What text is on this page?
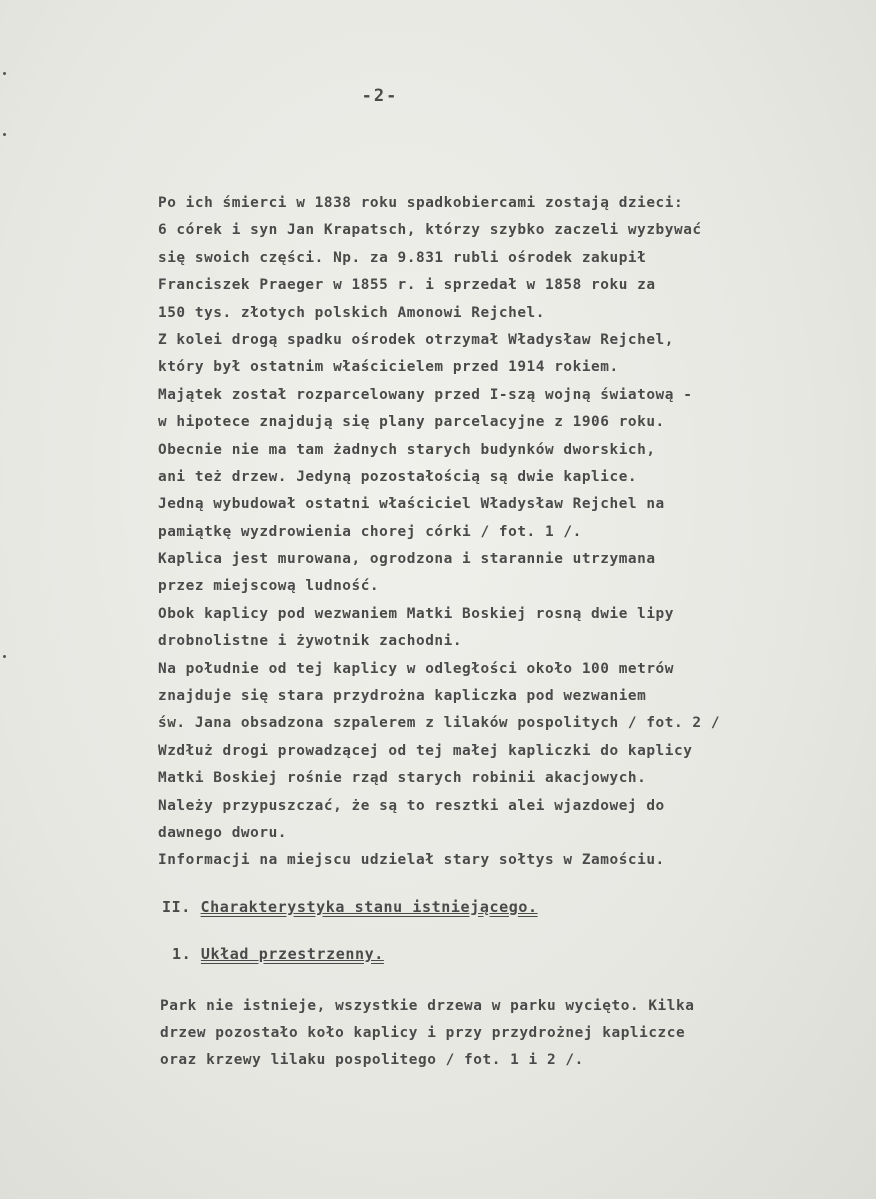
-2-
Po ich śmierci w 1838 roku spadkobiercami zostają dzieci:
6 córek i syn Jan Krapatsch, którzy szybko zaczeli wyzbywać
się swoich części. Np. za 9.831 rubli ośrodek zakupił
Franciszek Praeger w 1855 r. i sprzedał w 1858 roku za
150 tys. złotych polskich Amonowi Rejchel.
Z kolei drogą spadku ośrodek otrzymał Władysław Rejchel,
który był ostatnim właścicielem przed 1914 rokiem.
Majątek został rozparcelowany przed I-szą wojną światową -
w hipotece znajdują się plany parcelacyjne z 1906 roku.
Obecnie nie ma tam żadnych starych budynków dworskich,
ani też drzew. Jedyną pozostałością są dwie kaplice.
Jedną wybudował ostatni właściciel Władysław Rejchel na
pamiątkę wyzdrowienia chorej córki / fot. 1 /.
Kaplica jest murowana, ogrodzona i starannie utrzymana
przez miejscową ludność.
Obok kaplicy pod wezwaniem Matki Boskiej rosną dwie lipy
drobnolistne i żywotnik zachodni.
Na południe od tej kaplicy w odległości około 100 metrów
znajduje się stara przydrożna kapliczka pod wezwaniem
św. Jana obsadzona szpalerem z lilaków pospolitych / fot. 2 /
Wzdłuż drogi prowadzącej od tej małej kapliczki do kaplicy
Matki Boskiej rośnie rząd starych robinii akacjowych.
Należy przypuszczać, że są to resztki alei wjazdowej do
dawnego dworu.
Informacji na miejscu udzielał stary sołtys w Zamościu.
II. Charakterystyka stanu istniejącego.
1. Układ przestrzenny.
Park nie istnieje, wszystkie drzewa w parku wycięto. Kilka
drzew pozostało koło kaplicy i przy przydrożnej kapliczce
oraz krzewy lilaku pospolitego / fot. 1 i 2 /.
